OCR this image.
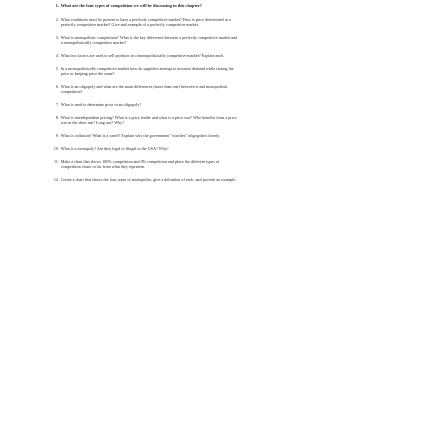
1. What are the four types of competition we will be discussing in this chapter?
2. What conditions must be present to have a perfectly competitive market? How is price determined in a perfectly competitive market? Give and example of a perfectly competitive market.
3. What is monopolistic competition? What is the key difference between a perfectly competitive market and a monopolistically competitive market?
4. What two tactics are used to sell products in a monopolistically competitive market? Explain each.
5. In a monopolistically competitive market how do suppliers attempt to increase demand while raising the price or keeping price the same?
6. What is an oligopoly and what are the main differences (more than one) between it and monopolistic competition?
7. What is used to determine price in an oligopoly?
8. What is interdependent pricing? What is a price leader and what is a price war? Who benefits from a price war in the short run? Long run? Why?
9. What is collusion? What is a cartel? Explain why the government "watches" oligopolies closely.
10. What is a monopoly? Are they legal or illegal in the USA? Why?
11. Make a chart that shows 100% competition and 0% competition and place the different types of competition closer or far from what they represent.
12. Create a chart that shows the four types of monopolies, give a definition of each, and provide an example.
